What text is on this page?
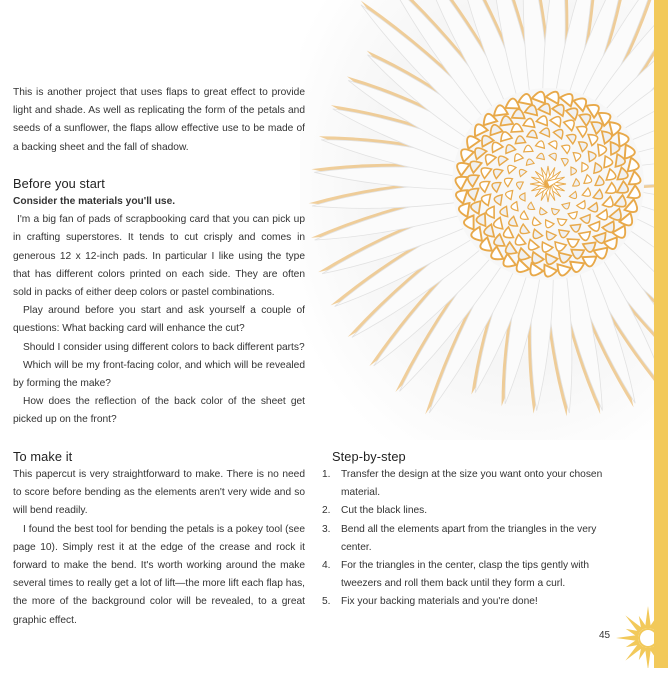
This is another project that uses flaps to great effect to provide light and shade. As well as replicating the form of the petals and seeds of a sunflower, the flaps allow effective use to be made of a backing sheet and the fall of shadow.

Before you start

Consider the materials you'll use.

I'm a big fan of pads of scrapbooking card that you can pick up in crafting superstores. It tends to cut crisply and comes in generous 12 x 12-inch pads. In particular I like using the type that has different colors printed on each side. They are often sold in packs of either deep colors or pastel combinations.

Play around before you start and ask yourself a couple of questions: What backing card will enhance the cut?

Should I consider using different colors to back different parts?

Which will be my front-facing color, and which will be revealed by forming the make?

How does the reflection of the back color of the sheet get picked up on the front?

To make it

This papercut is very straightforward to make. There is no need to score before bending as the elements aren't very wide and so will bend readily.

I found the best tool for bending the petals is a pokey tool (see page 10). Simply rest it at the edge of the crease and rock it forward to make the bend. It's worth working around the make several times to really get a lot of lift—the more lift each flap has, the more of the background color will be revealed, to a great graphic effect.

Step-by-step
1. Transfer the design at the size you want onto your chosen material.
2. Cut the black lines.
3. Bend all the elements apart from the triangles in the very center.
4. For the triangles in the center, clasp the tips gently with tweezers and roll them back until they form a curl.
5. Fix your backing materials and you're done!
45
